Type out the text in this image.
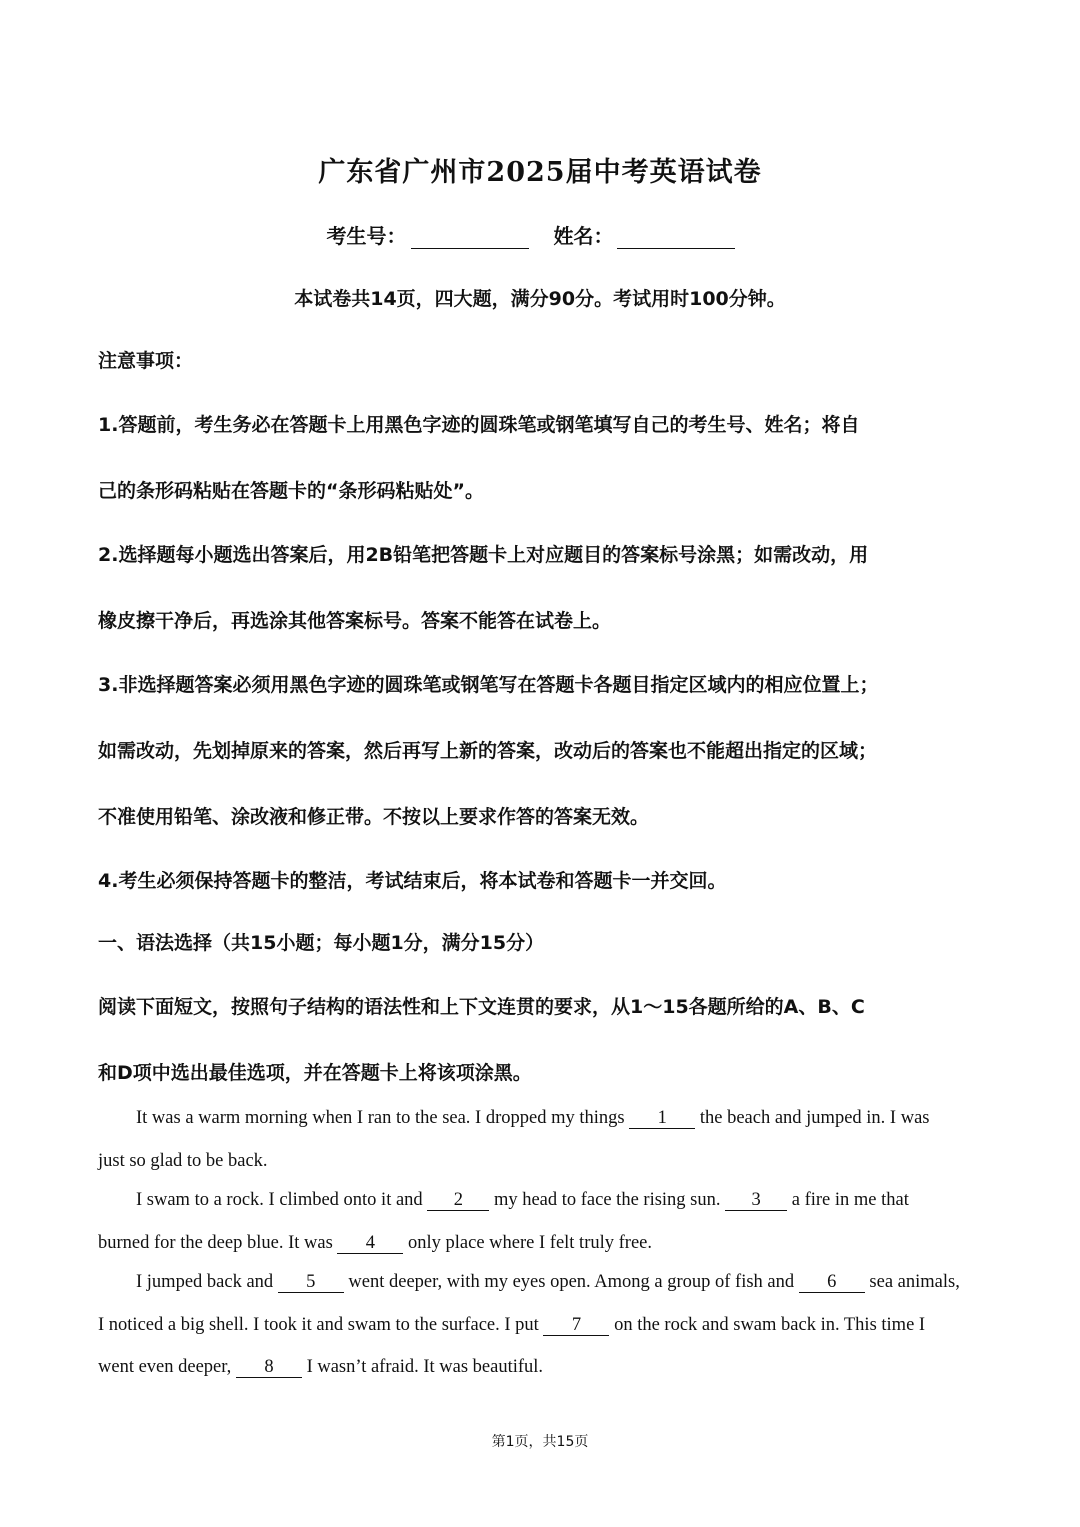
广东省广州市2025届中考英语试卷
考生号：	姓名：
本试卷共14页，四大题，满分90分。考试用时100分钟。
注意事项：
1.答题前，考生务必在答题卡上用黑色字迹的圆珠笔或钢笔填写自己的考生号、姓名；将自
己的条形码粘贴在答题卡的“条形码粘贴处”。
2.选择题每小题选出答案后，用2B铅笔把答题卡上对应题目的答案标号涂黑；如需改动，用
橡皮擦干净后，再选涂其他答案标号。答案不能答在试卷上。
3.非选择题答案必须用黑色字迹的圆珠笔或钢笔写在答题卡各题目指定区域内的相应位置上；
如需改动，先划掉原来的答案，然后再写上新的答案，改动后的答案也不能超出指定的区域；
不准使用铅笔、涂改液和修正带。不按以上要求作答的答案无效。
4.考生必须保持答题卡的整洁，考试结束后，将本试卷和答题卡一并交回。
一、语法选择（共15小题；每小题1分，满分15分）
阅读下面短文，按照句子结构的语法性和上下文连贯的要求，从1～15各题所给的A、B、C
和D项中选出最佳选项，并在答题卡上将该项涂黑。
It was a warm morning when I ran to the sea. I dropped my things 1 the beach and jumped in. I was
just so glad to be back.
I swam to a rock. I climbed onto it and 2 my head to face the rising sun. 3 a fire in me that
burned for the deep blue. It was 4 only place where I felt truly free.
I jumped back and 5 went deeper, with my eyes open. Among a group of fish and 6 sea animals,
I noticed a big shell. I took it and swam to the surface. I put 7 on the rock and swam back in. This time I
went even deeper, 8 I wasn’t afraid. It was beautiful.
第1页，共15页
